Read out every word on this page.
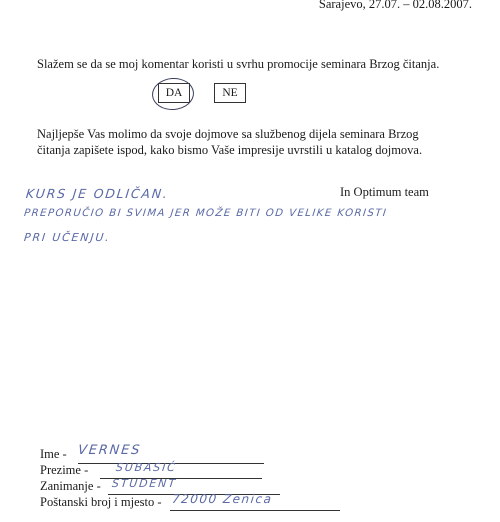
Sarajevo, 27.07. – 02.08.2007.
Slažem se da se moj komentar koristi u svrhu promocije seminara Brzog čitanja.
DA	NE
Najljepše Vas molimo da svoje dojmove sa službenog dijela seminara Brzog
čitanja zapišete ispod, kako bismo Vaše impresije uvrstili u katalog dojmova.
In Optimum team
KURS JE ODLIČAN.
PREPORUČIO BI SVIMA JER MOŽE BITI OD VELIKE KORISTI
PRI UČENJU.
Ime - VERNES
Prezime - SUBASIĆ
Zanimanje - STUDENT
Poštanski broj i mjesto - 72000 Zenica
